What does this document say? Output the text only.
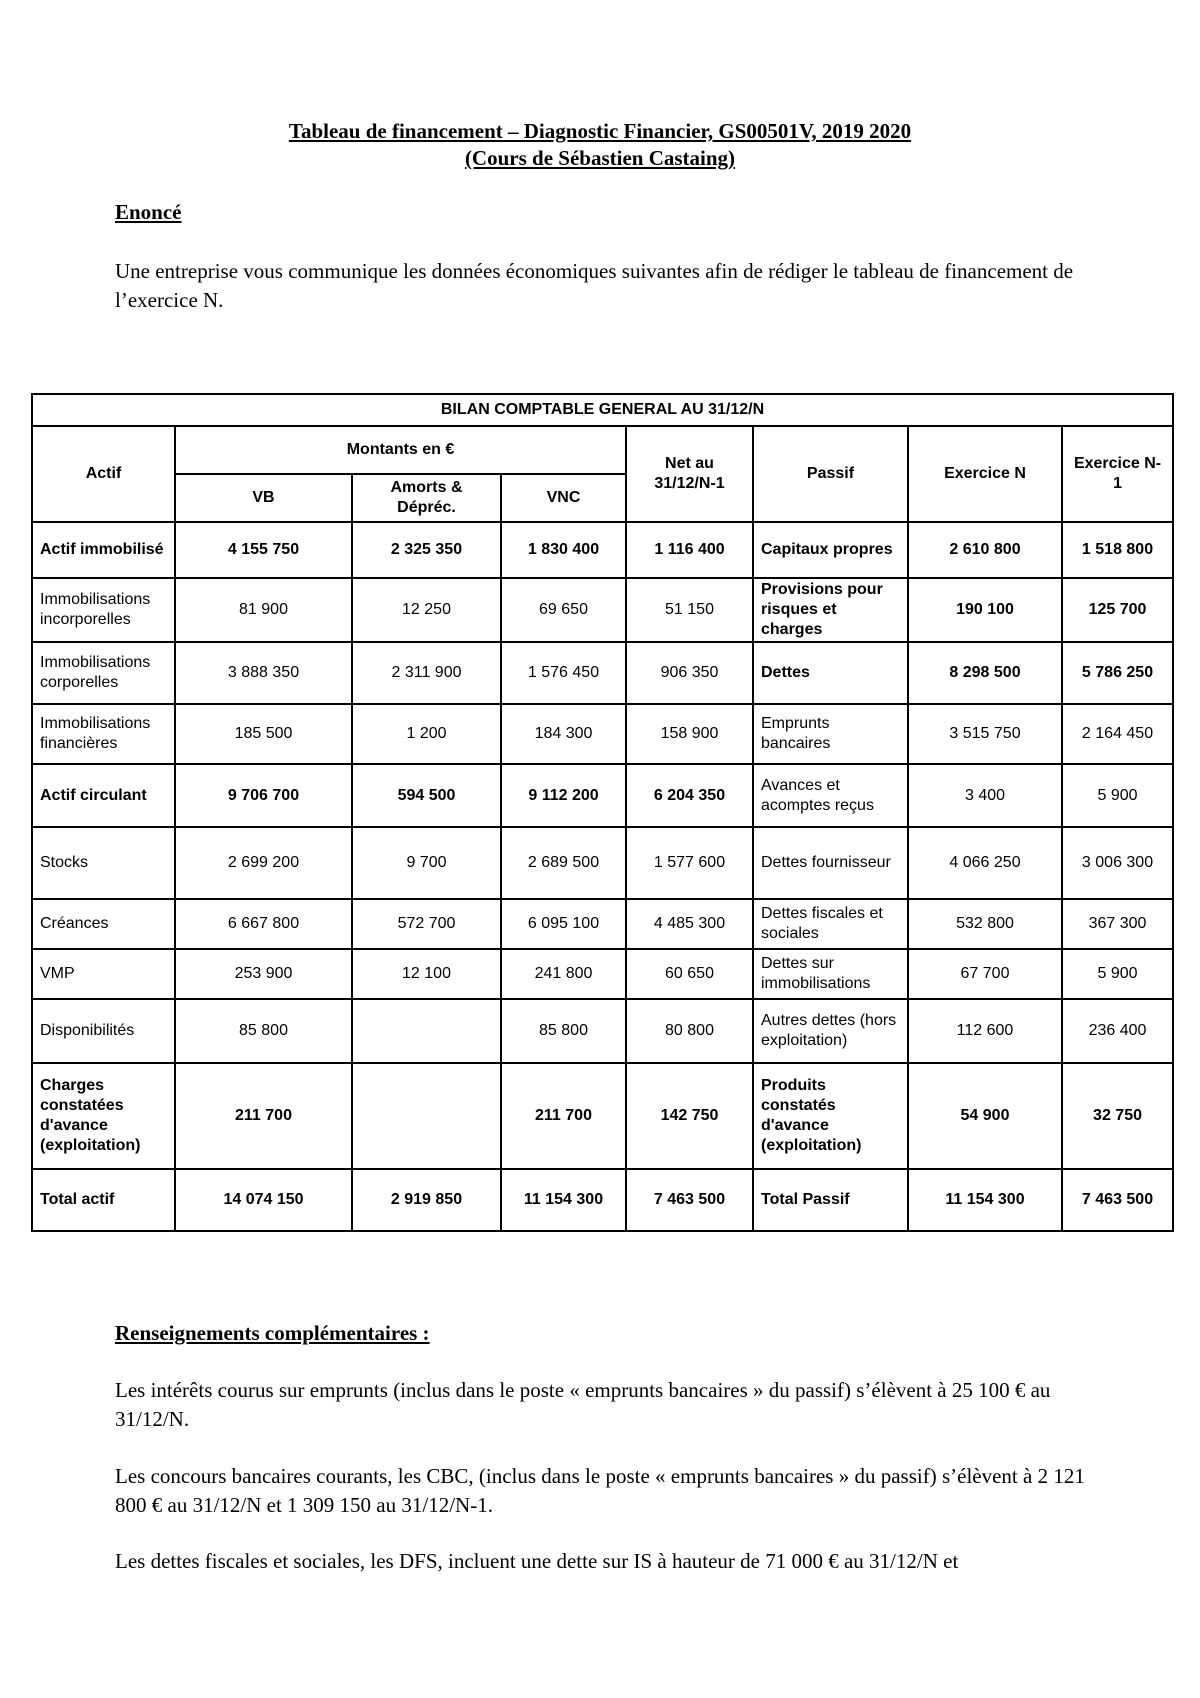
Tableau de financement – Diagnostic Financier, GS00501V, 2019 2020
(Cours de Sébastien Castaing)
Enoncé
Une entreprise vous communique les données économiques suivantes afin de rédiger le tableau de financement de l’exercice N.
BILAN COMPTABLE GENERAL AU 31/12/N							
Actif	Montants en €			Net au 31/12/N-1	Passif	Exercice N	Exercice N-1
	VB	Amorts & Dépréc.	VNC				
Actif immobilisé	4 155 750	2 325 350	1 830 400	1 116 400	Capitaux propres	2 610 800	1 518 800
Immobilisations incorporelles	81 900	12 250	69 650	51 150	Provisions pour risques et charges	190 100	125 700
Immobilisations corporelles	3 888 350	2 311 900	1 576 450	906 350	Dettes	8 298 500	5 786 250
Immobilisations financières	185 500	1 200	184 300	158 900	Emprunts bancaires	3 515 750	2 164 450
Actif circulant	9 706 700	594 500	9 112 200	6 204 350	Avances et acomptes reçus	3 400	5 900
Stocks	2 699 200	9 700	2 689 500	1 577 600	Dettes fournisseur	4 066 250	3 006 300
Créances	6 667 800	572 700	6 095 100	4 485 300	Dettes fiscales et sociales	532 800	367 300
VMP	253 900	12 100	241 800	60 650	Dettes sur immobilisations	67 700	5 900
Disponibilités	85 800		85 800	80 800	Autres dettes (hors exploitation)	112 600	236 400
Charges constatées d'avance (exploitation)	211 700		211 700	142 750	Produits constatés d'avance (exploitation)	54 900	32 750
Total actif	14 074 150	2 919 850	11 154 300	7 463 500	Total Passif	11 154 300	7 463 500
Renseignements complémentaires :
Les intérêts courus sur emprunts (inclus dans le poste « emprunts bancaires » du passif) s’élèvent à 25 100 € au 31/12/N.
Les concours bancaires courants, les CBC, (inclus dans le poste « emprunts bancaires » du passif) s’élèvent à 2 121 800 € au 31/12/N et 1 309 150 au 31/12/N-1.
Les dettes fiscales et sociales, les DFS, incluent une dette sur IS à hauteur de 71 000 € au 31/12/N et
